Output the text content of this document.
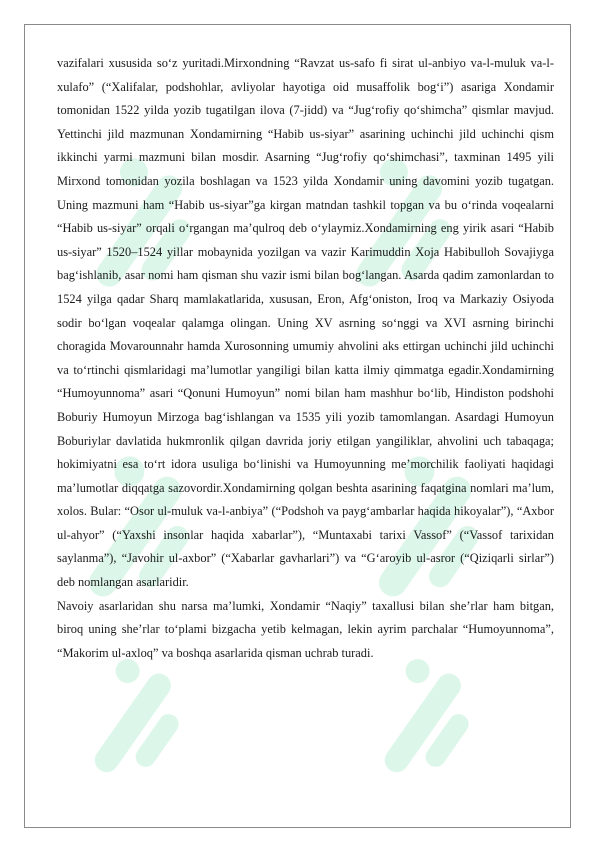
vazifalari xususida so‘z yuritadi.Mirxondning “Ravzat us-safo fi sirat ul-anbiyo va-l-muluk va-l-xulafo” (“Xalifalar, podshohlar, avliyolar hayotiga oid musaffolik bog‘i”) asariga Xondamir tomonidan 1522 yilda yozib tugatilgan ilova (7-jidd) va “Jug‘rofiy qo‘shimcha” qismlar mavjud. Yettinchi jild mazmunan Xondamirning “Habib us-siyar” asarining uchinchi jild uchinchi qism ikkinchi yarmi mazmuni bilan mosdir. Asarning “Jug‘rofiy qo‘shimchasi”, taxminan 1495 yili Mirxond tomonidan yozila boshlagan va 1523 yilda Xondamir uning davomini yozib tugatgan. Uning mazmuni ham “Habib us-siyar”ga kirgan matndan tashkil topgan va bu o‘rinda voqealarni “Habib us-siyar” orqali o‘rgangan ma’qulroq deb o‘ylaymiz.Xondamirning eng yirik asari “Habib us-siyar” 1520–1524 yillar mobaynida yozilgan va vazir Karimuddin Xoja Habibulloh Sovajiyga bag‘ishlanib, asar nomi ham qisman shu vazir ismi bilan bog‘langan. Asarda qadim zamonlardan to 1524 yilga qadar Sharq mamlakatlarida, xususan, Eron, Afg‘oniston, Iroq va Markaziy Osiyoda sodir bo‘lgan voqealar qalamga olingan. Uning XV asrning so‘nggi va XVI asrning birinchi choragida Movarounnahr hamda Xurosonning umumiy ahvolini aks ettirgan uchinchi jild uchinchi va to‘rtinchi qismlaridagi ma’lumotlar yangiligi bilan katta ilmiy qimmatga egadir.Xondamirning “Humoyunnoma” asari “Qonuni Humoyun” nomi bilan ham mashhur bo‘lib, Hindiston podshohi Boburiy Humoyun Mirzoga bag‘ishlangan va 1535 yili yozib tamomlangan. Asardagi Humoyun Boburiylar davlatida hukmronlik qilgan davrida joriy etilgan yangiliklar, ahvolini uch tabaqaga; hokimiyatni esa to‘rt idora usuliga bo‘linishi va Humoyunning me’morchilik faoliyati haqidagi ma’lumotlar diqqatga sazovordir.Xondamirning qolgan beshta asarining faqatgina nomlari ma’lum, xolos. Bular: “Osor ul-muluk va-l-anbiya” (“Podshoh va payg‘ambarlar haqida hikoyalar”), “Axbor ul-ahyor” (“Yaxshi insonlar haqida xabarlar”), “Muntaxabi tarixi Vassof” (“Vassof tarixidan saylanma”), “Javohir ul-axbor” (“Xabarlar gavharlari”) va “G‘aroyib ul-asror (“Qiziqarli sirlar”) deb nomlangan asarlaridir.

Navoiy asarlaridan shu narsa ma’lumki, Xondamir “Naqiy” taxallusi bilan she’rlar ham bitgan, biroq uning she’rlar to‘plami bizgacha yetib kelmagan, lekin ayrim parchalar “Humoyunnoma”, “Makorim ul-axloq” va boshqa asarlarida qisman uchrab turadi.
